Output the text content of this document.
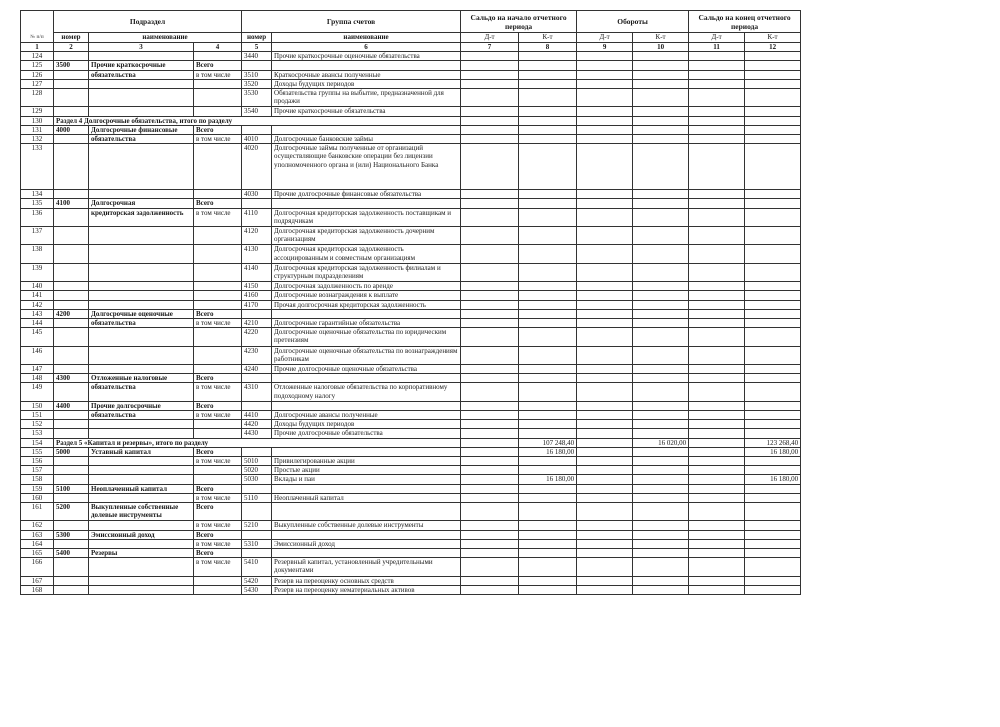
№ п/п	Подраздел			Группа счетов		Сальдо на начало отчетного периода		Обороты		Сальдо на конец отчетного периода	
	номер	наименование		номер	наименование	Д-т	К-т	Д-т	К-т	Д-т	К-т
1	2	3	4	5	6	7	8	9	10	11	12
124				3440	Прочие краткосрочные оценочные обязательства						
125	3500	Прочие краткосрочные	Всего								
126		обязательства	в том числе	3510	Краткосрочные авансы полученные						
127				3520	Доходы будущих периодов						
128				3530	Обязательства группы на выбытие, предназначенной для продажи						
129				3540	Прочие краткосрочные обязательства						
130	Раздел 4 Долгосрочные обязательства, итого по разделу										
131	4000	Долгосрочные финансовые	Всего								
132		обязательства	в том числе	4010	Долгосрочные банковские займы						
133				4020	Долгосрочные займы полученные от организаций осуществляющие банковские операции без лицензии уполномоченного органа и (или) Национального Банка						
134				4030	Прочие долгосрочные финансовые обязательства						
135	4100	Долгосрочная	Всего								
136		кредиторская задолженность	в том числе	4110	Долгосрочная кредиторская задолженность поставщикам и подрядчикам						
137				4120	Долгосрочная кредиторская задолженность дочерним организациям						
138				4130	Долгосрочная кредиторская задолженность ассоциированным и совместным организациям						
139				4140	Долгосрочная кредиторская задолженность филиалам и структурным подразделениям						
140				4150	Долгосрочная задолженность по аренде						
141				4160	Долгосрочные вознаграждения к выплате						
142				4170	Прочая долгосрочная кредиторская задолженность						
143	4200	Долгосрочные оценочные	Всего								
144		обязательства	в том числе	4210	Долгосрочные гарантийные обязательства						
145				4220	Долгосрочные оценочные обязательства по юридическим претензиям						
146				4230	Долгосрочные оценочные обязательства по вознаграждениям работникам						
147				4240	Прочие долгосрочные оценочные обязательства						
148	4300	Отложенные налоговые	Всего								
149		обязательства	в том числе	4310	Отложенные налоговые обязательства по корпоративному подоходному налогу						
150	4400	Прочие долгосрочные	Всего								
151		обязательства	в том числе	4410	Долгосрочные авансы полученные						
152				4420	Доходы будущих периодов						
153				4430	Прочие долгосрочные обязательства						
154	Раздел 5 «Капитал и резервы», итого по разделу						107 248,40		16 020,00		123 268,40
155	5000	Уставный капитал	Всего				16 180,00				16 180,00
156			в том числе	5010	Привилегированные акции						
157				5020	Простые акции						
158				5030	Вклады и паи		16 180,00				16 180,00
159	5100	Неоплаченный капитал	Всего								
160			в том числе	5110	Неоплаченный капитал						
161	5200	Выкупленные собственные долевые инструменты	Всего								
162			в том числе	5210	Выкупленные собственные долевые инструменты						
163	5300	Эмиссионный доход	Всего								
164			в том числе	5310	Эмиссионный доход						
165	5400	Резервы	Всего								
166			в том числе	5410	Резервный капитал, установленный учредительными документами						
167				5420	Резерв на переоценку основных средств						
168				5430	Резерв на переоценку нематериальных активов						
